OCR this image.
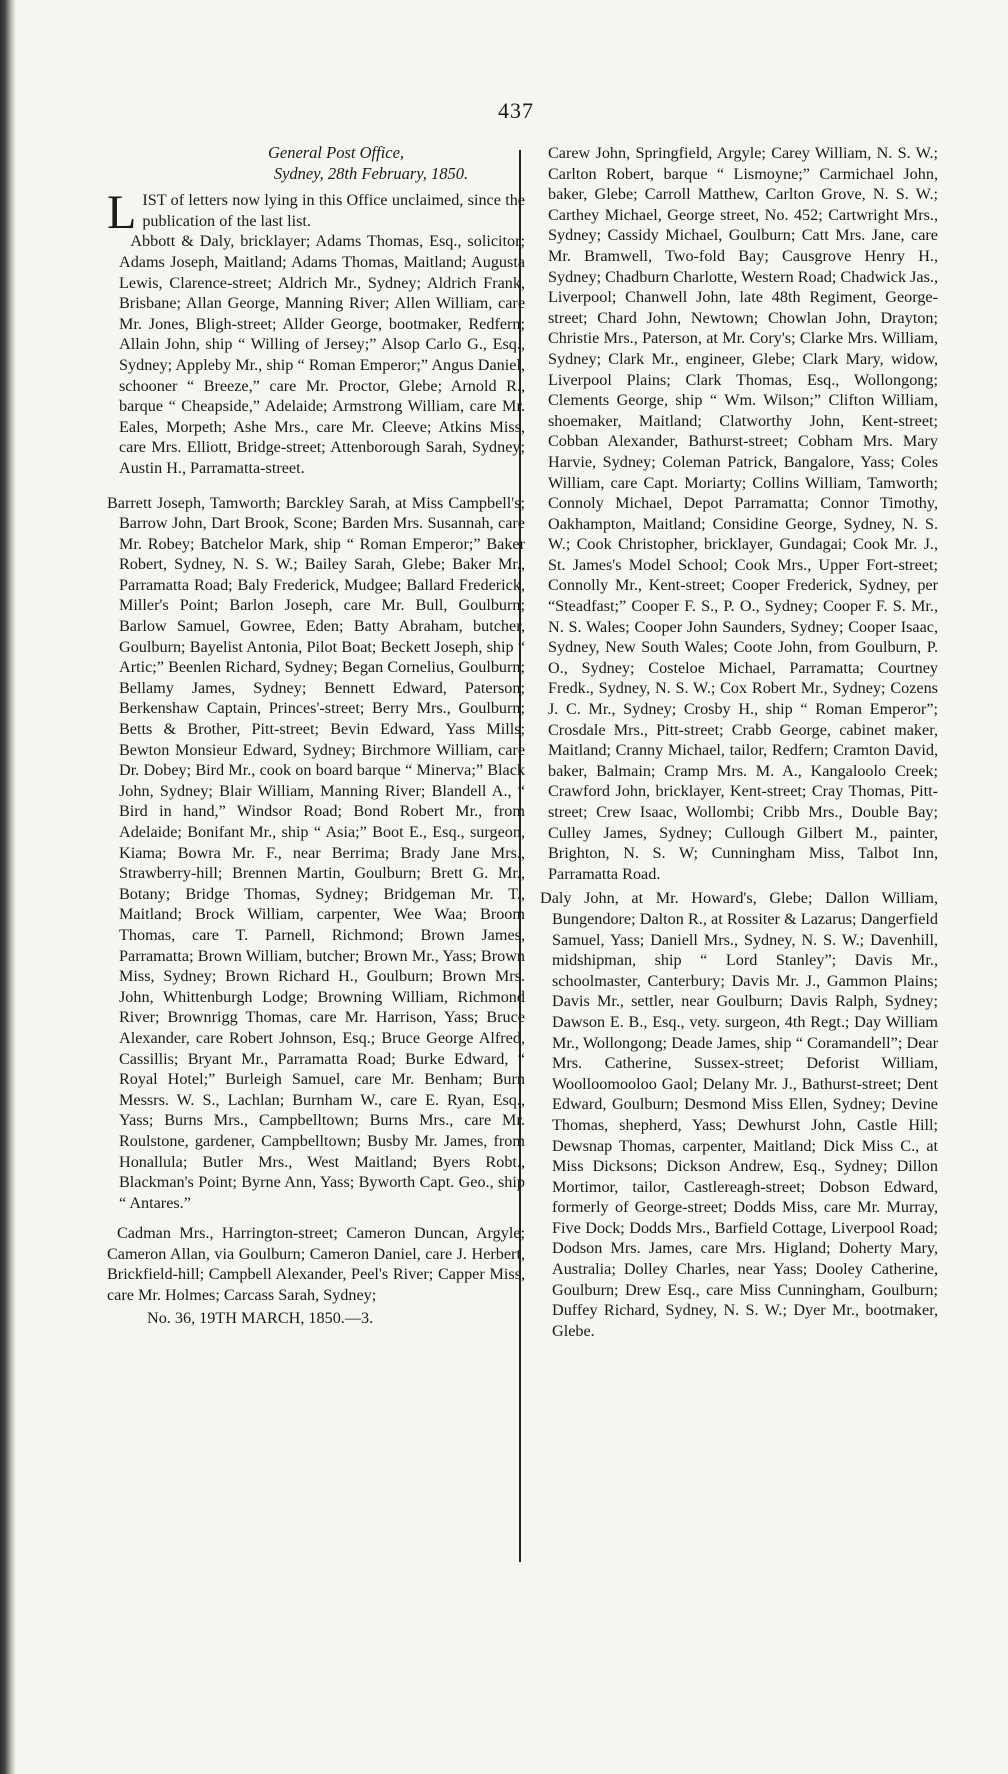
437
General Post Office,
Sydney, 28th February, 1850.

LIST of letters now lying in this Office unclaimed, since the publication of the last list.

Abbott & Daly, bricklayer; Adams Thomas, Esq., solicitor; Adams Joseph, Maitland; Adams Thomas, Maitland; Augusta Lewis, Clarence-street; Aldrich Mr., Sydney; Aldrich Frank, Brisbane; Allan George, Manning River; Allen William, care Mr. Jones, Bligh-street; Allder George, bootmaker, Redfern; Allain John, ship “ Willing of Jersey;” Alsop Carlo G., Esq., Sydney; Appleby Mr., ship “ Roman Emperor;” Angus Daniel, schooner “ Breeze,” care Mr. Proctor, Glebe; Arnold R., barque “ Cheapside,” Adelaide; Armstrong William, care Mr. Eales, Morpeth; Ashe Mrs., care Mr. Cleeve; Atkins Miss, care Mrs. Elliott, Bridge-street; Attenborough Sarah, Sydney; Austin H., Parramatta-street.

Barrett Joseph, Tamworth; Barckley Sarah, at Miss Campbell's; Barrow John, Dart Brook, Scone; Barden Mrs. Susannah, care Mr. Robey; Batchelor Mark, ship “ Roman Emperor;” Baker Robert, Sydney, N. S. W.; Bailey Sarah, Glebe; Baker Mr., Parramatta Road; Baly Frederick, Mudgee; Ballard Frederick, Miller's Point; Barlon Joseph, care Mr. Bull, Goulburn; Barlow Samuel, Gowree, Eden; Batty Abraham, butcher, Goulburn; Bayelist Antonia, Pilot Boat; Beckett Joseph, ship “ Artic;” Beenlen Richard, Sydney; Began Cornelius, Goulburn; Bellamy James, Sydney; Bennett Edward, Paterson; Berkenshaw Captain, Princes'-street; Berry Mrs., Goulburn; Betts & Brother, Pitt-street; Bevin Edward, Yass Mills; Bewton Monsieur Edward, Sydney; Birchmore William, care Dr. Dobey; Bird Mr., cook on board barque “ Minerva;” Black John, Sydney; Blair William, Manning River; Blandell A., “ Bird in hand,” Windsor Road; Bond Robert Mr., from Adelaide; Bonifant Mr., ship “ Asia;” Boot E., Esq., surgeon, Kiama; Bowra Mr. F., near Berrima; Brady Jane Mrs., Strawberry-hill; Brennen Martin, Goulburn; Brett G. Mr., Botany; Bridge Thomas, Sydney; Bridgeman Mr. T., Maitland; Brock William, carpenter, Wee Waa; Broom Thomas, care T. Parnell, Richmond; Brown James, Parramatta; Brown William, butcher; Brown Mr., Yass; Brown Miss, Sydney; Brown Richard H., Goulburn; Brown Mrs. John, Whittenburgh Lodge; Browning William, Richmond River; Brownrigg Thomas, care Mr. Harrison, Yass; Bruce Alexander, care Robert Johnson, Esq.; Bruce George Alfred, Cassillis; Bryant Mr., Parramatta Road; Burke Edward, “ Royal Hotel;” Burleigh Samuel, care Mr. Benham; Burn Messrs. W. S., Lachlan; Burnham W., care E. Ryan, Esq., Yass; Burns Mrs., Campbelltown; Burns Mrs., care Mr. Roulstone, gardener, Campbelltown; Busby Mr. James, from Honallula; Butler Mrs., West Maitland; Byers Robt., Blackman's Point; Byrne Ann, Yass; Byworth Capt. Geo., ship “ Antares.”

Cadman Mrs., Harrington-street; Cameron Duncan, Argyle; Cameron Allan, via Goulburn; Cameron Daniel, care J. Herbert, Brickfield-hill; Campbell Alexander, Peel's River; Capper Miss, care Mr. Holmes; Carcass Sarah, Sydney;

No. 36, 19TH MARCH, 1850.—3.

Carew John, Springfield, Argyle; Carey William, N. S. W.; Carlton Robert, barque “ Lismoyne;” Carmichael John, baker, Glebe; Carroll Matthew, Carlton Grove, N. S. W.; Carthey Michael, George street, No. 452; Cartwright Mrs., Sydney; Cassidy Michael, Goulburn; Catt Mrs. Jane, care Mr. Bramwell, Two-fold Bay; Causgrove Henry H., Sydney; Chadburn Charlotte, Western Road; Chadwick Jas., Liverpool; Chanwell John, late 48th Regiment, George-street; Chard John, Newtown; Chowlan John, Drayton; Christie Mrs., Paterson, at Mr. Cory's; Clarke Mrs. William, Sydney; Clark Mr., engineer, Glebe; Clark Mary, widow, Liverpool Plains; Clark Thomas, Esq., Wollongong; Clements George, ship “ Wm. Wilson;” Clifton William, shoemaker, Maitland; Clatworthy John, Kent-street; Cobban Alexander, Bathurst-street; Cobham Mrs. Mary Harvie, Sydney; Coleman Patrick, Bangalore, Yass; Coles William, care Capt. Moriarty; Collins William, Tamworth; Connoly Michael, Depot Parramatta; Connor Timothy, Oakhampton, Maitland; Considine George, Sydney, N. S. W.; Cook Christopher, bricklayer, Gundagai; Cook Mr. J., St. James's Model School; Cook Mrs., Upper Fort-street; Connolly Mr., Kent-street; Cooper Frederick, Sydney, per “Steadfast;” Cooper F. S., P. O., Sydney; Cooper F. S. Mr., N. S. Wales; Cooper John Saunders, Sydney; Cooper Isaac, Sydney, New South Wales; Coote John, from Goulburn, P. O., Sydney; Costeloe Michael, Parramatta; Courtney Fredk., Sydney, N. S. W.; Cox Robert Mr., Sydney; Cozens J. C. Mr., Sydney; Crosby H., ship “ Roman Emperor”; Crosdale Mrs., Pitt-street; Crabb George, cabinet maker, Maitland; Cranny Michael, tailor, Redfern; Cramton David, baker, Balmain; Cramp Mrs. M. A., Kangaloolo Creek; Crawford John, bricklayer, Kent-street; Cray Thomas, Pitt-street; Crew Isaac, Wollombi; Cribb Mrs., Double Bay; Culley James, Sydney; Cullough Gilbert M., painter, Brighton, N. S. W; Cunningham Miss, Talbot Inn, Parramatta Road.

Daly John, at Mr. Howard's, Glebe; Dallon William, Bungendore; Dalton R., at Rossiter & Lazarus; Dangerfield Samuel, Yass; Daniell Mrs., Sydney, N. S. W.; Davenhill, midshipman, ship “ Lord Stanley”; Davis Mr., schoolmaster, Canterbury; Davis Mr. J., Gammon Plains; Davis Mr., settler, near Goulburn; Davis Ralph, Sydney; Dawson E. B., Esq., vety. surgeon, 4th Regt.; Day William Mr., Wollongong; Deade James, ship “ Coramandell”; Dear Mrs. Catherine, Sussex-street; Deforist William, Woolloomooloo Gaol; Delany Mr. J., Bathurst-street; Dent Edward, Goulburn; Desmond Miss Ellen, Sydney; Devine Thomas, shepherd, Yass; Dewhurst John, Castle Hill; Dewsnap Thomas, carpenter, Maitland; Dick Miss C., at Miss Dicksons; Dickson Andrew, Esq., Sydney; Dillon Mortimor, tailor, Castlereagh-street; Dobson Edward, formerly of George-street; Dodds Miss, care Mr. Murray, Five Dock; Dodds Mrs., Barfield Cottage, Liverpool Road; Dodson Mrs. James, care Mrs. Higland; Doherty Mary, Australia; Dolley Charles, near Yass; Dooley Catherine, Goulburn; Drew Esq., care Miss Cunningham, Goulburn; Duffey Richard, Sydney, N. S. W.; Dyer Mr., bootmaker, Glebe.
